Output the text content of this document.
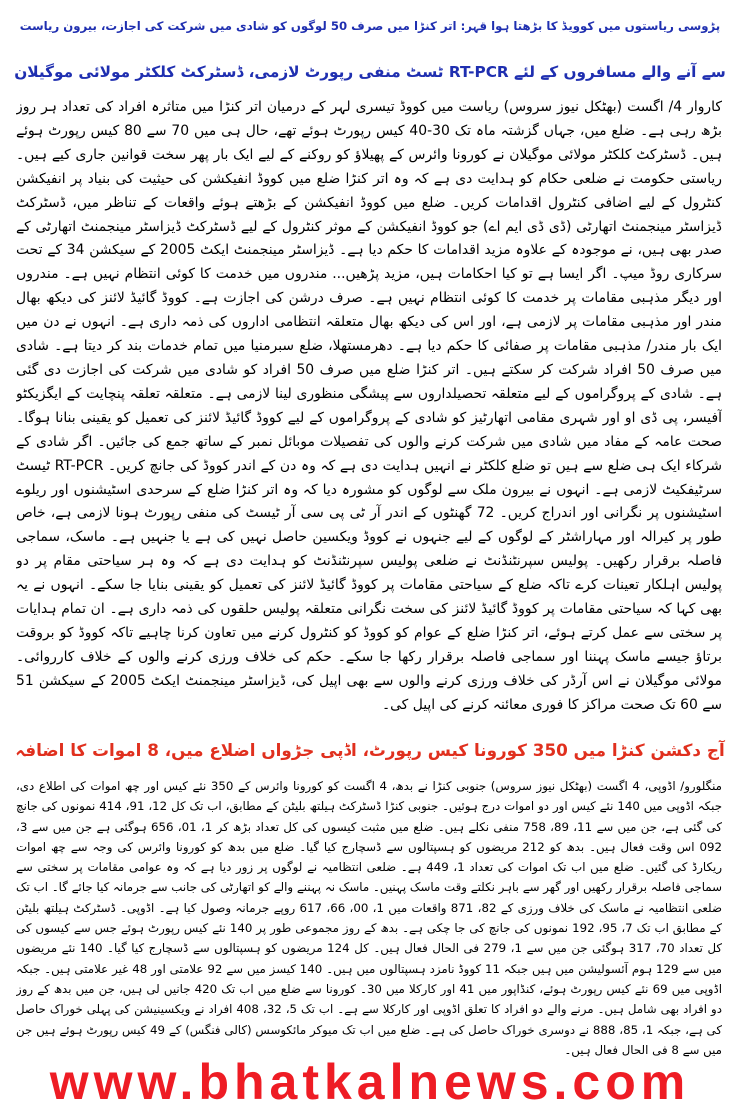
پڑوسی ریاستوں میں کوویڈ کا بڑھتا ہوا قہر: اتر کنڑا میں صرف 50 لوگوں کو شادی میں شرکت کی اجازت، بیرون ریاست
سے آنے والے مسافروں کے لئے RT-PCR ٹسٹ منفی رپورٹ لازمی، ڈسٹرکٹ کلکٹر مولائی موگیلان
کاروار 4/ اگست (بھٹکل نیوز سروس) ریاست میں کووڈ تیسری لہر کے درمیان اتر کنڑا میں متاثرہ افراد کی تعداد ہر روز بڑھ رہی ہے۔ ضلع میں، جہاں گزشتہ ماہ تک 30-40 کیس رپورٹ ہوئے تھے، حال ہی میں 70 سے 80 کیس رپورٹ ہوئے ہیں۔ ڈسٹرکٹ کلکٹر مولائی موگیلان نے کورونا وائرس کے پھیلاؤ کو روکنے کے لیے ایک بار پھر سخت قوانین جاری کیے ہیں۔ ریاستی حکومت نے ضلعی حکام کو ہدایت دی ہے کہ وہ اتر کنڑا ضلع میں کووڈ انفیکشن کی حیثیت کی بنیاد پر انفیکشن کنٹرول کے لیے اضافی کنٹرول اقدامات کریں۔ ضلع میں کووڈ انفیکشن کے بڑھتے ہوئے واقعات کے تناظر میں، ڈسٹرکٹ ڈیزاسٹر مینجمنٹ اتھارٹی (ڈی ڈی ایم اے) جو کووڈ انفیکشن کے موثر کنٹرول کے لیے ڈسٹرکٹ ڈیزاسٹر مینجمنٹ اتھارٹی کے صدر بھی ہیں، نے موجودہ کے علاوہ مزید اقدامات کا حکم دیا ہے۔ ڈیزاسٹر مینجمنٹ ایکٹ 2005 کے سیکشن 34 کے تحت سرکاری روڈ میپ۔ اگر ایسا ہے تو کیا احکامات ہیں، مزید پڑھیں... مندروں میں خدمت کا کوئی انتظام نہیں ہے۔ مندروں اور دیگر مذہبی مقامات پر خدمت کا کوئی انتظام نہیں ہے۔ صرف درشن کی اجازت ہے۔ کووڈ گائیڈ لائنز کی دیکھ بھال مندر اور مذہبی مقامات پر لازمی ہے، اور اس کی دیکھ بھال متعلقہ انتظامی اداروں کی ذمہ داری ہے۔ انہوں نے دن میں ایک بار مندر/ مذہبی مقامات پر صفائی کا حکم دیا ہے۔ دھرمستھلا، ضلع سبرمنیا میں تمام خدمات بند کر دیتا ہے۔ شادی میں صرف 50 افراد شرکت کر سکتے ہیں۔ اتر کنڑا ضلع میں صرف 50 افراد کو شادی میں شرکت کی اجازت دی گئی ہے۔ شادی کے پروگراموں کے لیے متعلقہ تحصیلداروں سے پیشگی منظوری لینا لازمی ہے۔ متعلقہ تعلقہ پنچایت کے ایگزیکٹو آفیسر، پی ڈی او اور شہری مقامی اتھارٹیز کو شادی کے پروگراموں کے لیے کووڈ گائیڈ لائنز کی تعمیل کو یقینی بنانا ہوگا۔ صحت عامہ کے مفاد میں شادی میں شرکت کرنے والوں کی تفصیلات موبائل نمبر کے ساتھ جمع کی جائیں۔ اگر شادی کے شرکاء ایک ہی ضلع سے ہیں تو ضلع کلکٹر نے انہیں ہدایت دی ہے کہ وہ دن کے اندر کووڈ کی جانچ کریں۔ RT-PCR ٹیسٹ سرٹیفکیٹ لازمی ہے۔ انہوں نے بیرون ملک سے لوگوں کو مشورہ دیا کہ وہ اتر کنڑا ضلع کے سرحدی اسٹیشنوں اور ریلوے اسٹیشنوں پر نگرانی اور اندراج کریں۔ 72 گھنٹوں کے اندر آر ٹی پی سی آر ٹیسٹ کی منفی رپورٹ ہونا لازمی ہے، خاص طور پر کیرالہ اور مہاراشٹر کے لوگوں کے لیے جنہوں نے کووڈ ویکسین حاصل نہیں کی ہے یا جنہیں ہے۔ ماسک، سماجی فاصلہ برقرار رکھیں۔ پولیس سپرنٹنڈنٹ نے ضلعی پولیس سپرنٹنڈنٹ کو ہدایت دی ہے کہ وہ ہر سیاحتی مقام پر دو پولیس اہلکار تعینات کرے تاکہ ضلع کے سیاحتی مقامات پر کووڈ گائیڈ لائنز کی تعمیل کو یقینی بنایا جا سکے۔ انہوں نے یہ بھی کہا کہ سیاحتی مقامات پر کووڈ گائیڈ لائنز کی سخت نگرانی متعلقہ پولیس حلقوں کی ذمہ داری ہے۔ ان تمام ہدایات پر سختی سے عمل کرتے ہوئے، اتر کنڑا ضلع کے عوام کو کووڈ کو کنٹرول کرنے میں تعاون کرنا چاہیے تاکہ کووڈ کو بروقت برتاؤ جیسے ماسک پہننا اور سماجی فاصلہ برقرار رکھا جا سکے۔ حکم کی خلاف ورزی کرنے والوں کے خلاف کارروائی۔ مولائی موگیلان نے اس آرڈر کی خلاف ورزی کرنے والوں سے بھی اپیل کی، ڈیزاسٹر مینجمنٹ ایکٹ 2005 کے سیکشن 51 سے 60 تک صحت مراکز کا فوری معائنہ کرنے کی اپیل کی۔
آج دکشن کنڑا میں 350 کورونا کیس رپورٹ، اڈپی جڑواں اضلاع میں، 8 اموات کا اضافہ
منگلورو/ اڈوپی، 4 اگست (بھٹکل نیوز سروس) جنوبی کنڑا نے بدھ، 4 اگست کو کورونا وائرس کے 350 نئے کیس اور چھ اموات کی اطلاع دی، جبکہ اڈوپی میں 140 نئے کیس اور دو اموات درج ہوئیں۔ جنوبی کنڑا ڈسٹرکٹ ہیلتھ بلیٹن کے مطابق، اب تک کل 12، 91، 414 نمونوں کی جانچ کی گئی ہے، جن میں سے 11، 89، 758 منفی نکلے ہیں۔ ضلع میں مثبت کیسوں کی کل تعداد بڑھ کر 1، 01، 656 ہوگئی ہے جن میں سے 3، 092 اس وقت فعال ہیں۔ بدھ کو 212 مریضوں کو ہسپتالوں سے ڈسچارج کیا گیا۔ ضلع میں بدھ کو کورونا وائرس کی وجہ سے چھ اموات ریکارڈ کی گئیں۔ ضلع میں اب تک اموات کی تعداد 1، 449 ہے۔ ضلعی انتظامیہ نے لوگوں پر زور دیا ہے کہ وہ عوامی مقامات پر سختی سے سماجی فاصلہ برقرار رکھیں اور گھر سے باہر نکلتے وقت ماسک پہنیں۔ ماسک نہ پہننے والے کو اتھارٹی کی جانب سے جرمانہ کیا جائے گا۔ اب تک ضلعی انتظامیہ نے ماسک کی خلاف ورزی کے 82، 871 واقعات میں 1، 00، 66، 617 روپے جرمانہ وصول کیا ہے۔ اڈوپی۔ ڈسٹرکٹ ہیلتھ بلیٹن کے مطابق اب تک 7، 95، 192 نمونوں کی جانچ کی جا چکی ہے۔ بدھ کے روز مجموعی طور پر 140 نئے کیس رپورٹ ہوئے جس سے کیسوں کی کل تعداد 70، 317 ہوگئی جن میں سے 1، 279 فی الحال فعال ہیں۔ کل 124 مریضوں کو ہسپتالوں سے ڈسچارج کیا گیا۔ 140 نئے مریضوں میں سے 129 ہوم آئسولیشن میں ہیں جبکہ 11 کووڈ نامزد ہسپتالوں میں ہیں۔ 140 کیسز میں سے 92 علامتی اور 48 غیر علامتی ہیں۔ جبکہ اڈوپی میں 69 نئے کیس رپورٹ ہوئے، کنڈاپور میں 41 اور کارکلا میں 30۔ کورونا سے ضلع میں اب تک 420 جانیں لی ہیں، جن میں بدھ کے روز دو افراد بھی شامل ہیں۔ مرنے والے دو افراد کا تعلق اڈوپی اور کارکلا سے ہے۔ اب تک 5، 32، 408 افراد نے ویکسینیشن کی پہلی خوراک حاصل کی ہے، جبکہ 1، 85، 888 نے دوسری خوراک حاصل کی ہے۔ ضلع میں اب تک میوکر مائکوسس (کالی فنگس) کے 49 کیس رپورٹ ہوئے ہیں جن میں سے 8 فی الحال فعال ہیں۔
www.bhatkalnews.com
